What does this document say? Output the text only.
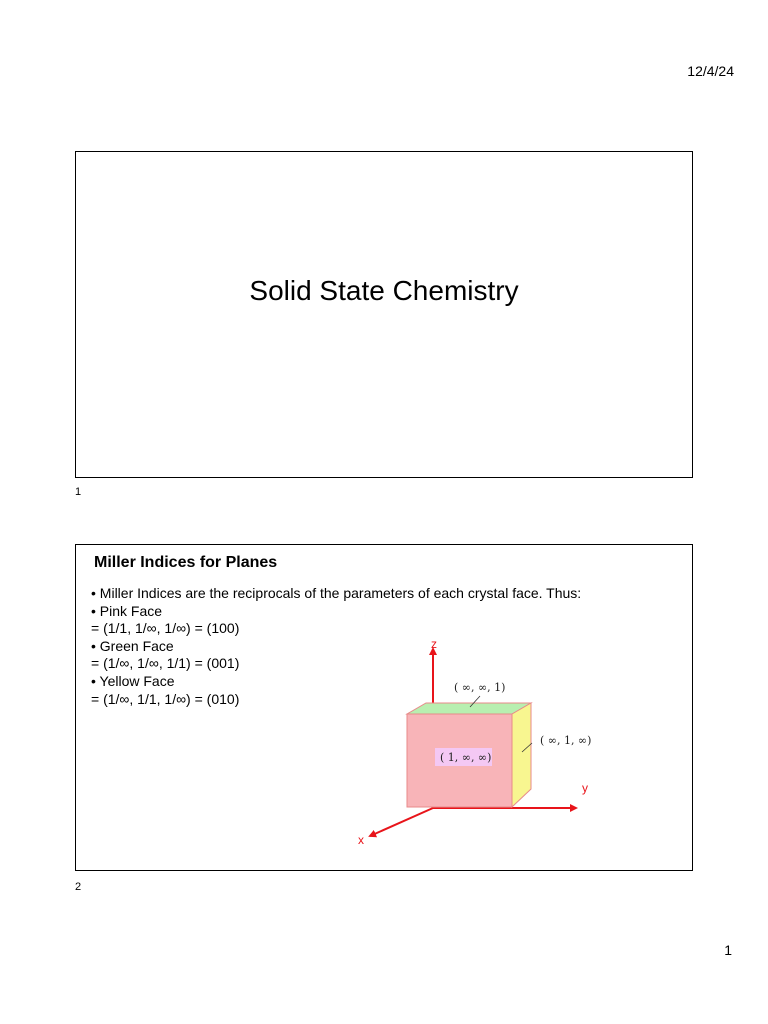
12/4/24
Solid State Chemistry
1
Miller Indices for Planes
• Miller Indices are the reciprocals of the parameters of each crystal face. Thus:
• Pink Face
= (1/1, 1/∞, 1/∞) = (100)
• Green Face
= (1/∞, 1/∞, 1/1) = (001)
• Yellow Face
= (1/∞, 1/1, 1/∞) = (010)
( 1, ∞, ∞)
( ∞, ∞, 1)
( ∞, 1, ∞)
z
y
x
2
1
